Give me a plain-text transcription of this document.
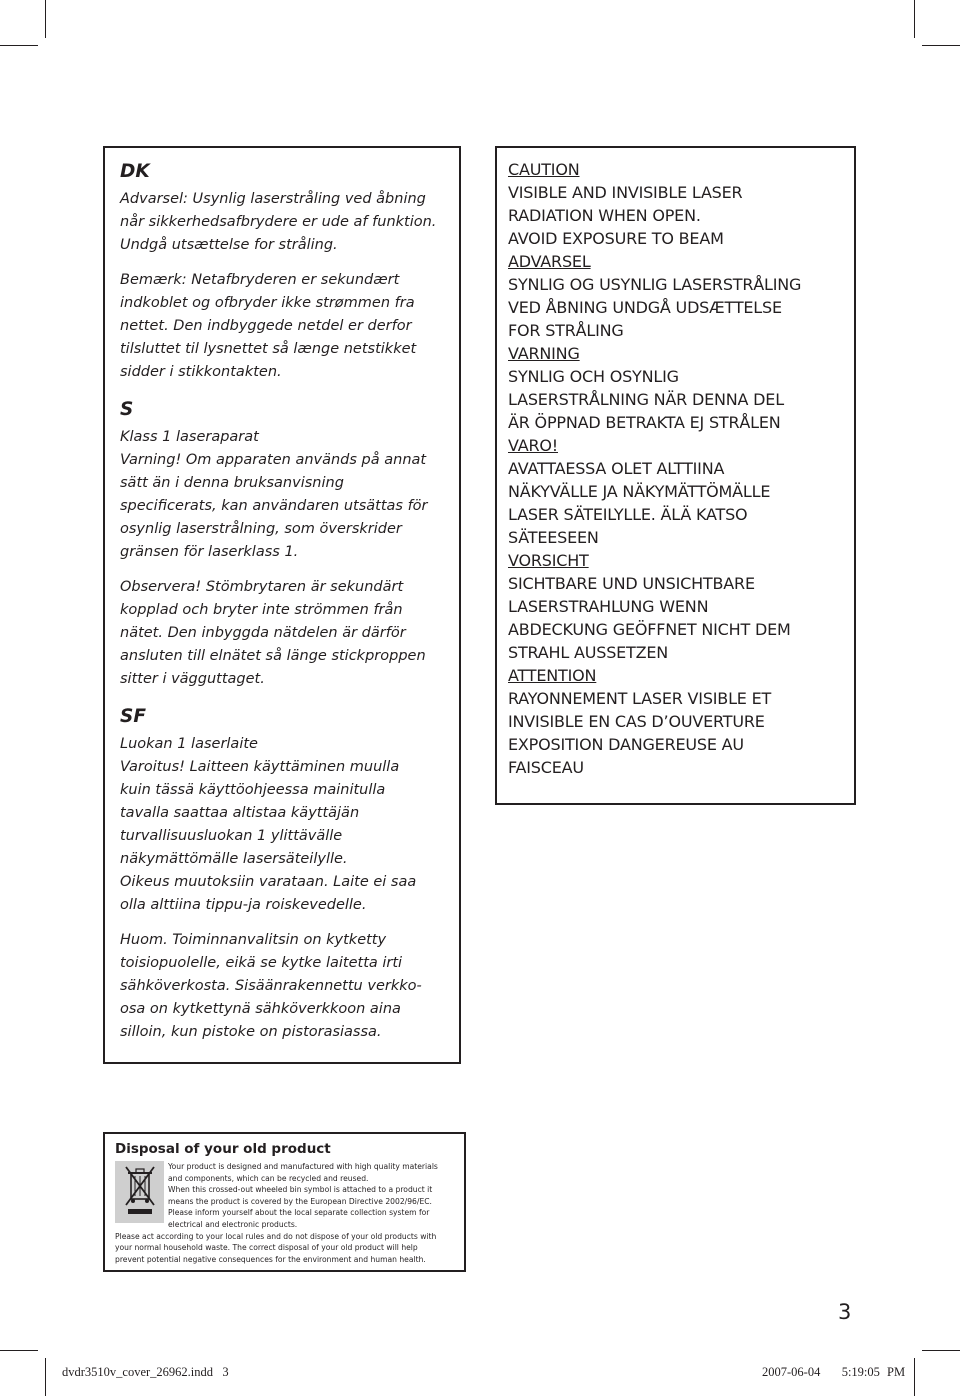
DK

Advarsel: Usynlig laserstråling ved åbning
når sikkerhedsafbrydere er ude af funktion.
Undgå utsættelse for stråling.

Bemærk: Netafbryderen er sekundært
indkoblet og ofbryder ikke strømmen fra
nettet. Den indbyggede netdel er derfor
tilsluttet til lysnettet så længe netstikket
sidder i stikkontakten.

S

Klass 1 laseraparat
Varning! Om apparaten används på annat
sätt än i denna bruksanvisning
specificerats, kan användaren utsättas för
osynlig laserstrålning, som överskrider
gränsen för laserklass 1.

Observera! Stömbrytaren är sekundärt
kopplad och bryter inte strömmen från
nätet. Den inbyggda nätdelen är därför
ansluten till elnätet så länge stickproppen
sitter i vägguttaget.

SF

Luokan 1 laserlaite
Varoitus! Laitteen käyttäminen muulla
kuin tässä käyttöohjeessa mainitulla
tavalla saattaa altistaa käyttäjän
turvallisuusluokan 1 ylittävälle
näkymättömälle lasersäteilylle.
Oikeus muutoksiin varataan. Laite ei saa
olla alttiina tippu-ja roiskevedelle.

Huom. Toiminnanvalitsin on kytketty
toisiopuolelle, eikä se kytke laitetta irti
sähköverkosta. Sisäänrakennettu verkko-
osa on kytkettynä sähköverkkoon aina
silloin, kun pistoke on pistorasiassa.

CAUTION
VISIBLE AND INVISIBLE LASER
RADIATION WHEN OPEN.
AVOID EXPOSURE TO BEAM
ADVARSEL
SYNLIG OG USYNLIG LASERSTRÅLING
VED ÅBNING UNDGÅ UDSÆTTELSE
FOR STRÅLING
VARNING
SYNLIG OCH OSYNLIG
LASERSTRÅLNING NÄR DENNA DEL
ÄR ÖPPNAD BETRAKTA EJ STRÅLEN
VARO!
AVATTAESSA OLET ALTTIINA
NÄKYVÄLLE JA NÄKYMÄTTÖMÄLLE
LASER SÄTEILYLLE. ÄLÄ KATSO
SÄTEESEEN
VORSICHT
SICHTBARE UND UNSICHTBARE
LASERSTRAHLUNG WENN
ABDECKUNG GEÖFFNET NICHT DEM
STRAHL AUSSETZEN
ATTENTION
RAYONNEMENT LASER VISIBLE ET
INVISIBLE EN CAS D’OUVERTURE
EXPOSITION DANGEREUSE AU
FAISCEAU
Disposal of your old product
Your product is designed and manufactured with high quality materials
and components, which can be recycled and reused.
When this crossed-out wheeled bin symbol is attached to a product it
means the product is covered by the European Directive 2002/96/EC.
Please inform yourself about the local separate collection system for
electrical and electronic products.
Please act according to your local rules and do not dispose of your old products with
your normal household waste. The correct disposal of your old product will help
prevent potential negative consequences for the environment and human health.
3
dvdr3510v_cover_26962.indd   3	2007-06-04   5:19:05 PM
